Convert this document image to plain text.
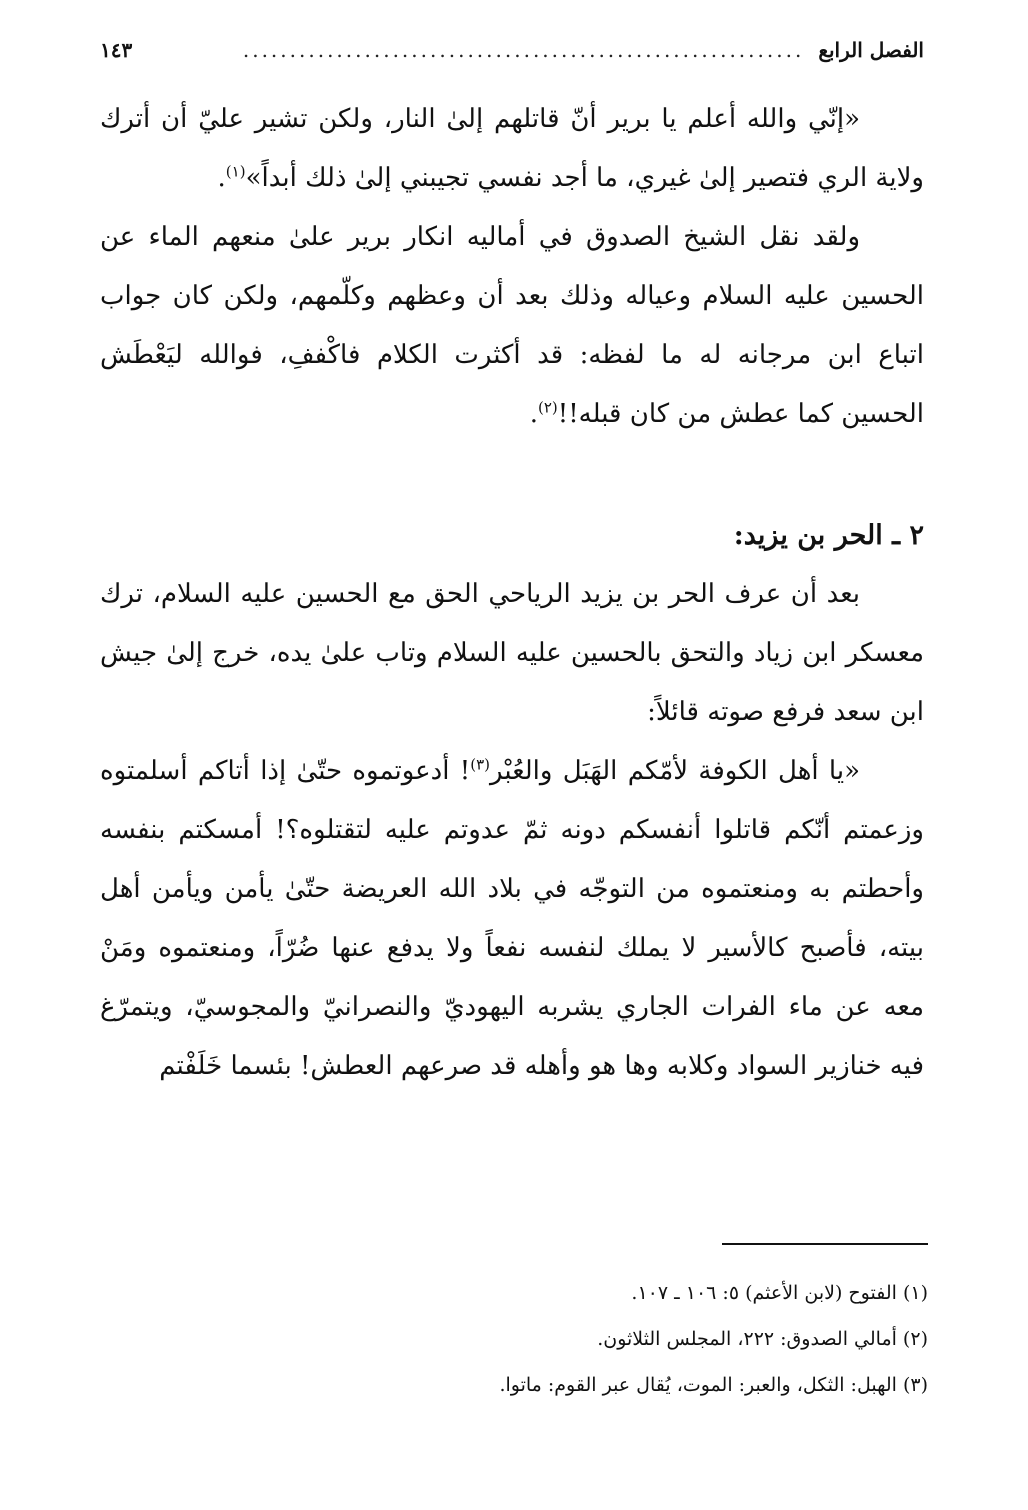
الفصل الرابع
............................................................
١٤٣

«إنّي والله أعلم يا برير أنّ قاتلهم إلىٰ النار، ولكن تشير عليّ أن أترك ولاية الري فتصير إلىٰ غيري، ما أجد نفسي تجيبني إلىٰ ذلك أبداً»$^{(١)}$.

ولقد نقل الشيخ الصدوق في أماليه انكار برير علىٰ منعهم الماء عن الحسين عليه السلام وعياله وذلك بعد أن وعظهم وكلّمهم، ولكن كان جواب اتباع ابن مرجانه له ما لفظه: قد أكثرت الكلام فاكْففِ، فوالله ليَعْطَش الحسين كما عطش من كان قبله!!$^{(٢)}$.

٢ ـ الحر بن يزيد:

بعد أن عرف الحر بن يزيد الرياحي الحق مع الحسين عليه السلام، ترك معسكر ابن زياد والتحق بالحسين عليه السلام وتاب علىٰ يده، خرج إلىٰ جيش ابن سعد فرفع صوته قائلاً:

«يا أهل الكوفة لأمّكم الهَبَل والعُبْر$^{(٣)}$! أدعوتموه حتّىٰ إذا أتاكم أسلمتوه وزعمتم أنّكم قاتلوا أنفسكم دونه ثمّ عدوتم عليه لتقتلوه؟! أمسكتم بنفسه وأحطتم به ومنعتموه من التوجّه في بلاد الله العريضة حتّىٰ يأمن ويأمن أهل بيته، فأصبح كالأسير لا يملك لنفسه نفعاً ولا يدفع عنها ضُرّاً، ومنعتموه ومَنْ معه عن ماء الفرات الجاري يشربه اليهوديّ والنصرانيّ والمجوسيّ، ويتمرّغ فيه خنازير السواد وكلابه وها هو وأهله قد صرعهم العطش! بئسما خَلَفْتم

(١) الفتوح (لابن الأعثم) ٥: ١٠٦ ـ ١٠٧.

(٢) أمالي الصدوق: ٢٢٢، المجلس الثلاثون.

(٣) الهبل: الثكل، والعبر: الموت، يُقال عبر القوم: ماتوا.
